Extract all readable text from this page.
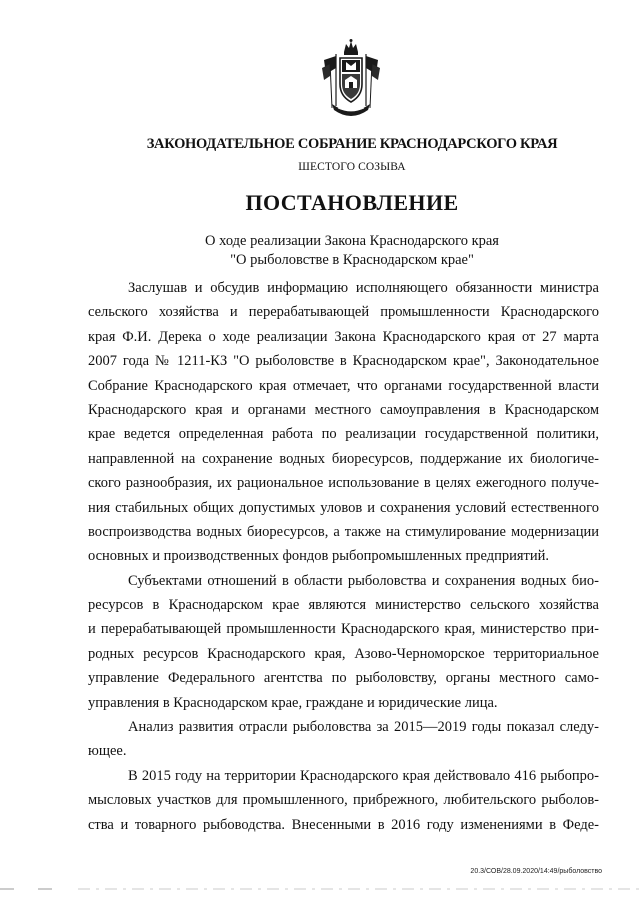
ЗАКОНОДАТЕЛЬНОЕ СОБРАНИЕ КРАСНОДАРСКОГО КРАЯ
ШЕСТОГО СОЗЫВА
ПОСТАНОВЛЕНИЕ
О ходе реализации Закона Краснодарского края
"О рыболовстве в Краснодарском крае"
Заслушав и обсудив информацию исполняющего обязанности министра
сельского хозяйства и перерабатывающей промышленности Краснодарского
края Ф.И. Дерека о ходе реализации Закона Краснодарского края от 27 марта
2007 года № 1211-КЗ "О рыболовстве в Краснодарском крае", Законодательное
Собрание Краснодарского края отмечает, что органами государственной власти
Краснодарского края и органами местного самоуправления в Краснодарском
крае ведется определенная работа по реализации государственной политики,
направленной на сохранение водных биоресурсов, поддержание их биологиче-
ского разнообразия, их рациональное использование в целях ежегодного получе-
ния стабильных общих допустимых уловов и сохранения условий естественного
воспроизводства водных биоресурсов, а также на стимулирование модернизации
основных и производственных фондов рыбопромышленных предприятий.
Субъектами отношений в области рыболовства и сохранения водных био-
ресурсов в Краснодарском крае являются министерство сельского хозяйства
и перерабатывающей промышленности Краснодарского края, министерство при-
родных ресурсов Краснодарского края, Азово-Черноморское территориальное
управление Федерального агентства по рыболовству, органы местного само-
управления в Краснодарском крае, граждане и юридические лица.
Анализ развития отрасли рыболовства за 2015—2019 годы показал следу-
ющее.
В 2015 году на территории Краснодарского края действовало 416 рыбопро-
мысловых участков для промышленного, прибрежного, любительского рыболов-
ства и товарного рыбоводства. Внесенными в 2016 году изменениями в Феде-
20.3/СОВ/28.09.2020/14:49/рыболовство
